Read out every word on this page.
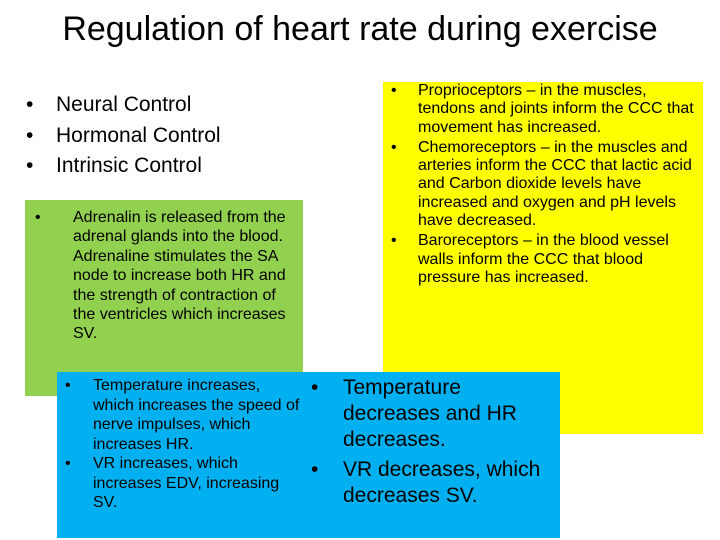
Regulation of heart rate during exercise
• Neural Control
• Hormonal Control
• Intrinsic Control
• Proprioceptors – in the muscles, tendons and joints inform the CCC that movement has increased.
• Chemoreceptors – in the muscles and arteries inform the CCC that lactic acid and Carbon dioxide levels have increased and oxygen and pH levels have decreased.
• Baroreceptors – in the blood vessel walls inform the CCC that blood pressure has increased.
• Adrenalin is released from the adrenal glands into the blood. Adrenaline stimulates the SA node to increase both HR and the strength of contraction of the ventricles which increases SV.
• Temperature increases, which increases the speed of nerve impulses, which increases HR.
• VR increases, which increases EDV, increasing SV.
• Temperature decreases and HR decreases.
• VR decreases, which decreases SV.
